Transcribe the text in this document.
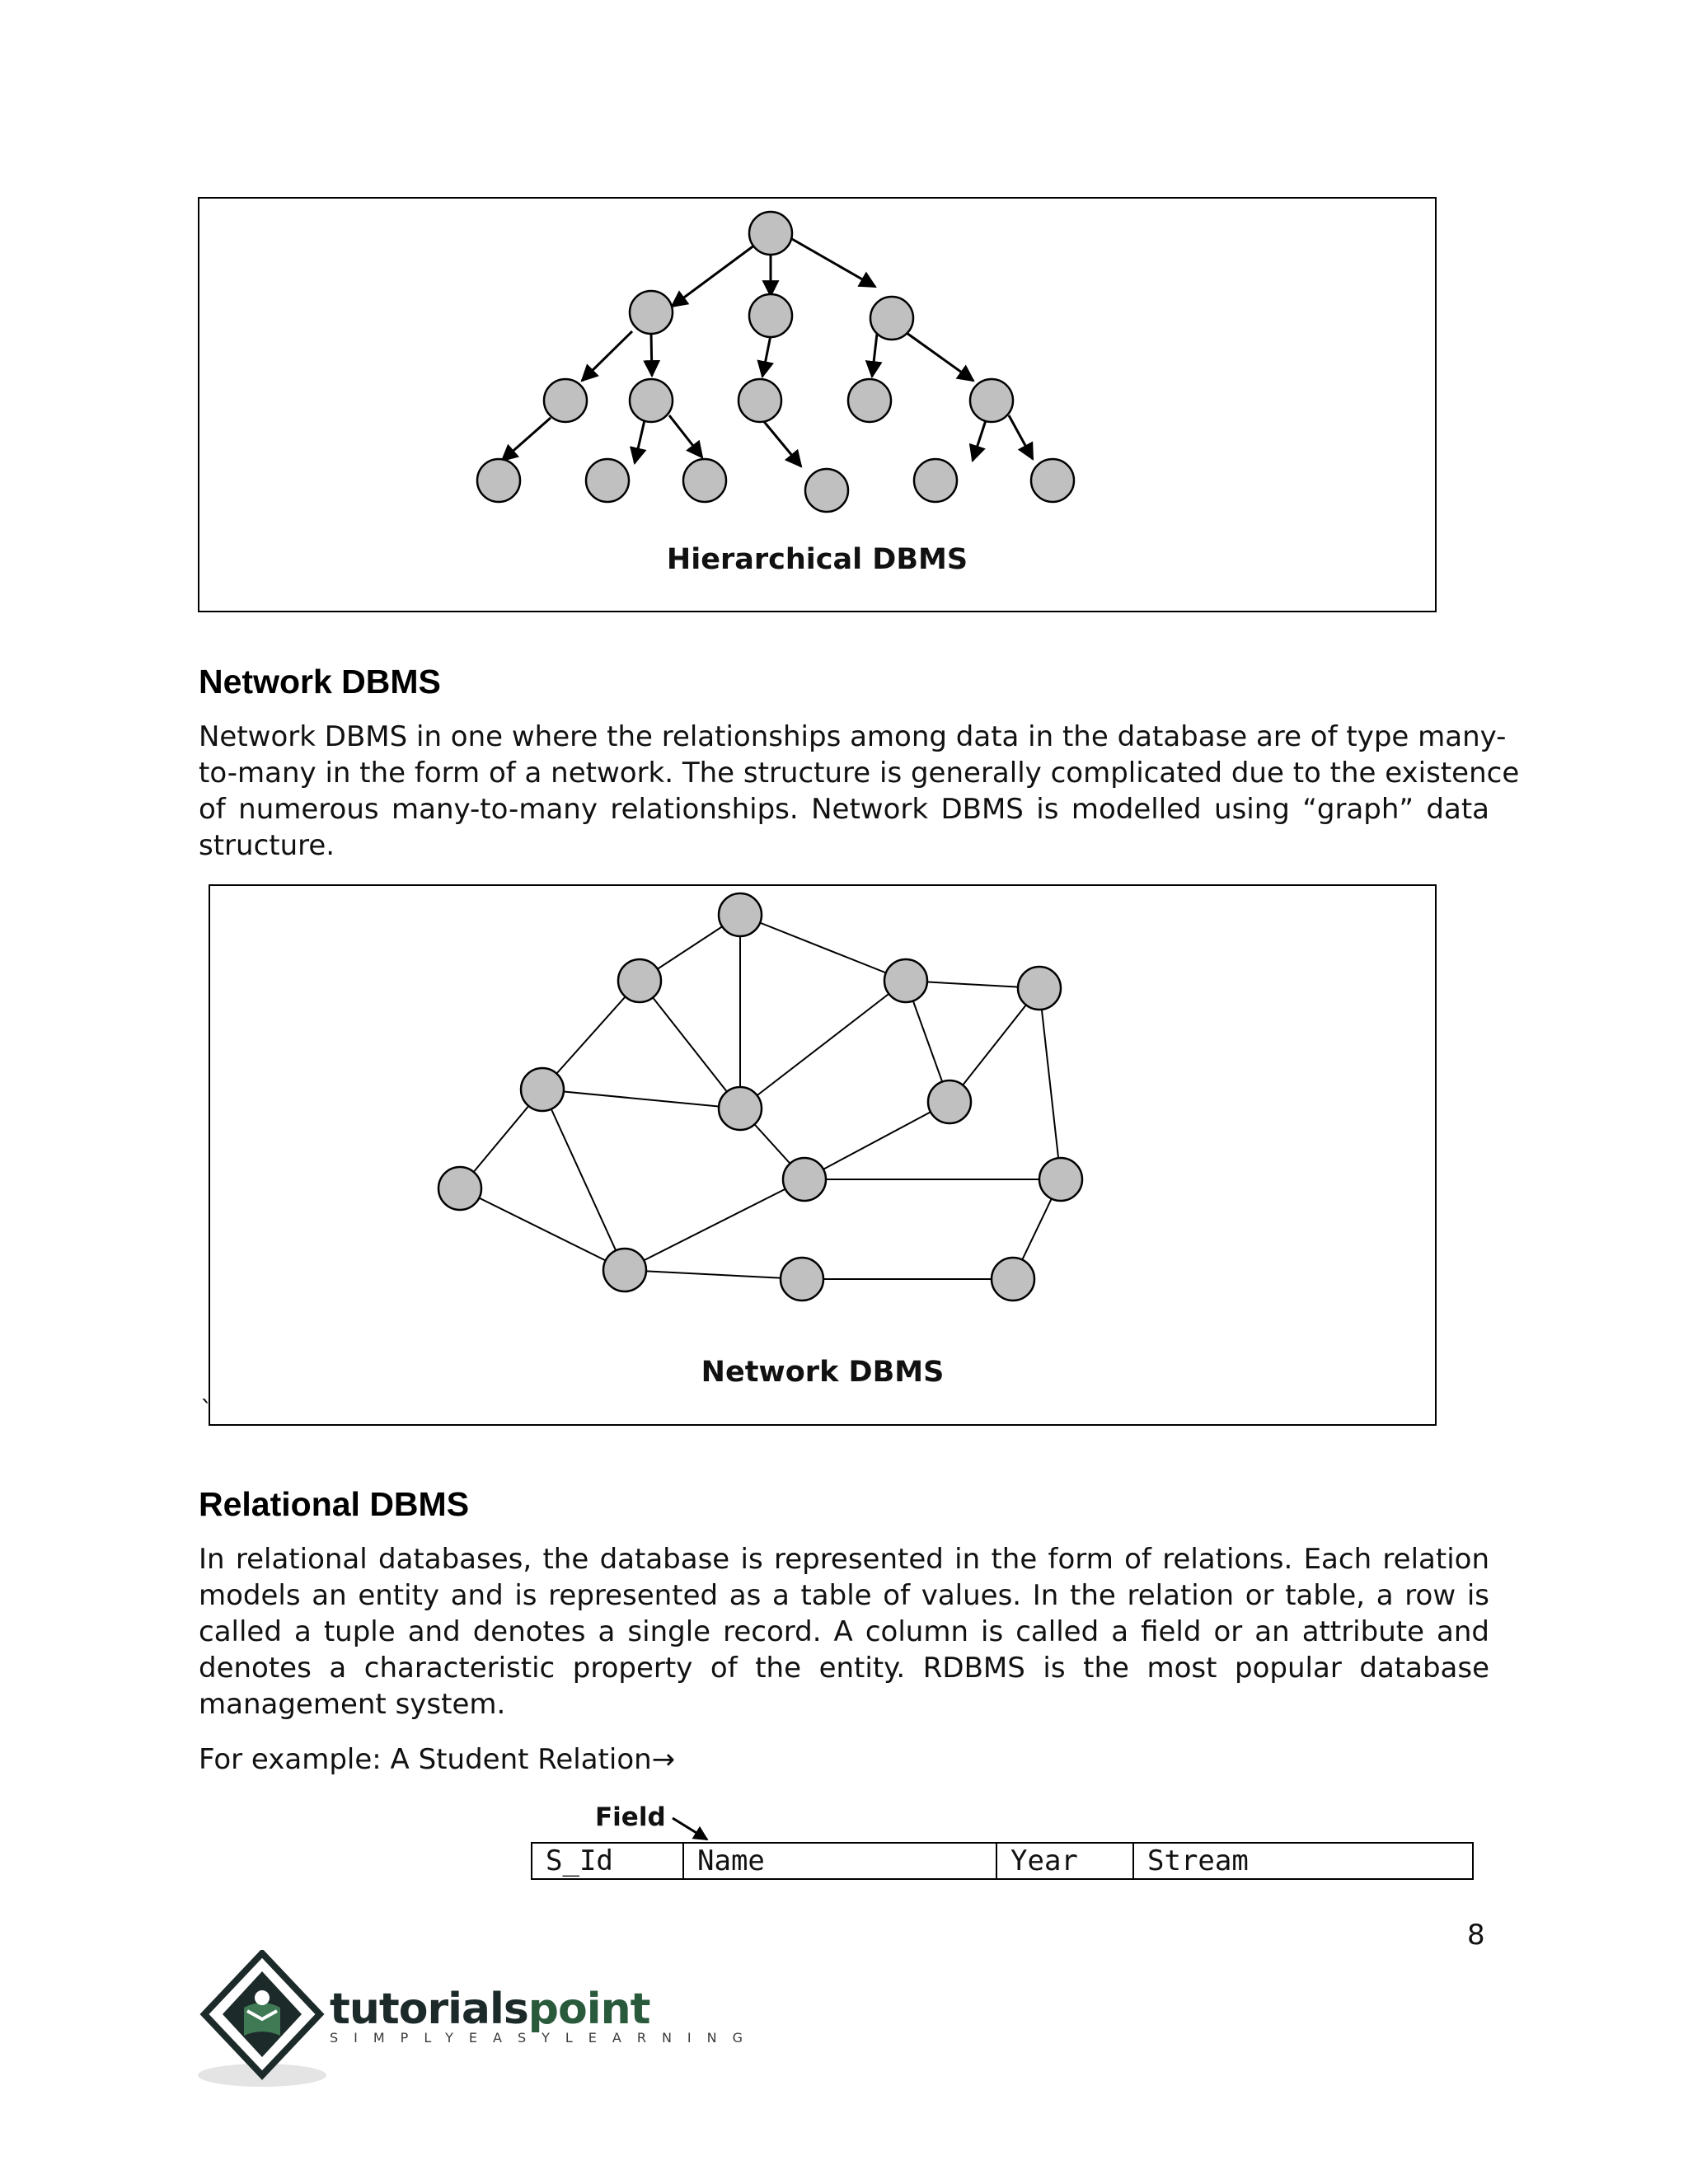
Hierarchical DBMS
Network DBMS
Network DBMS in one where the relationships among data in the database are of type many-
to-many in the form of a network. The structure is generally complicated due to the existence
of numerous many-to-many relationships. Network DBMS is modelled using “graph” data
structure.
Network DBMS
`
Relational DBMS
In relational databases, the database is represented in the form of relations. Each relation
models an entity and is represented as a table of values. In the relation or table, a row is
called a tuple and denotes a single record. A column is called a field or an attribute and
denotes a characteristic property of the entity. RDBMS is the most popular database
management system.
For example: A Student Relation→
Field
S_Id	Name	Year	Stream
8
tutorialspoint
SIMPLYEASYLEARNING
